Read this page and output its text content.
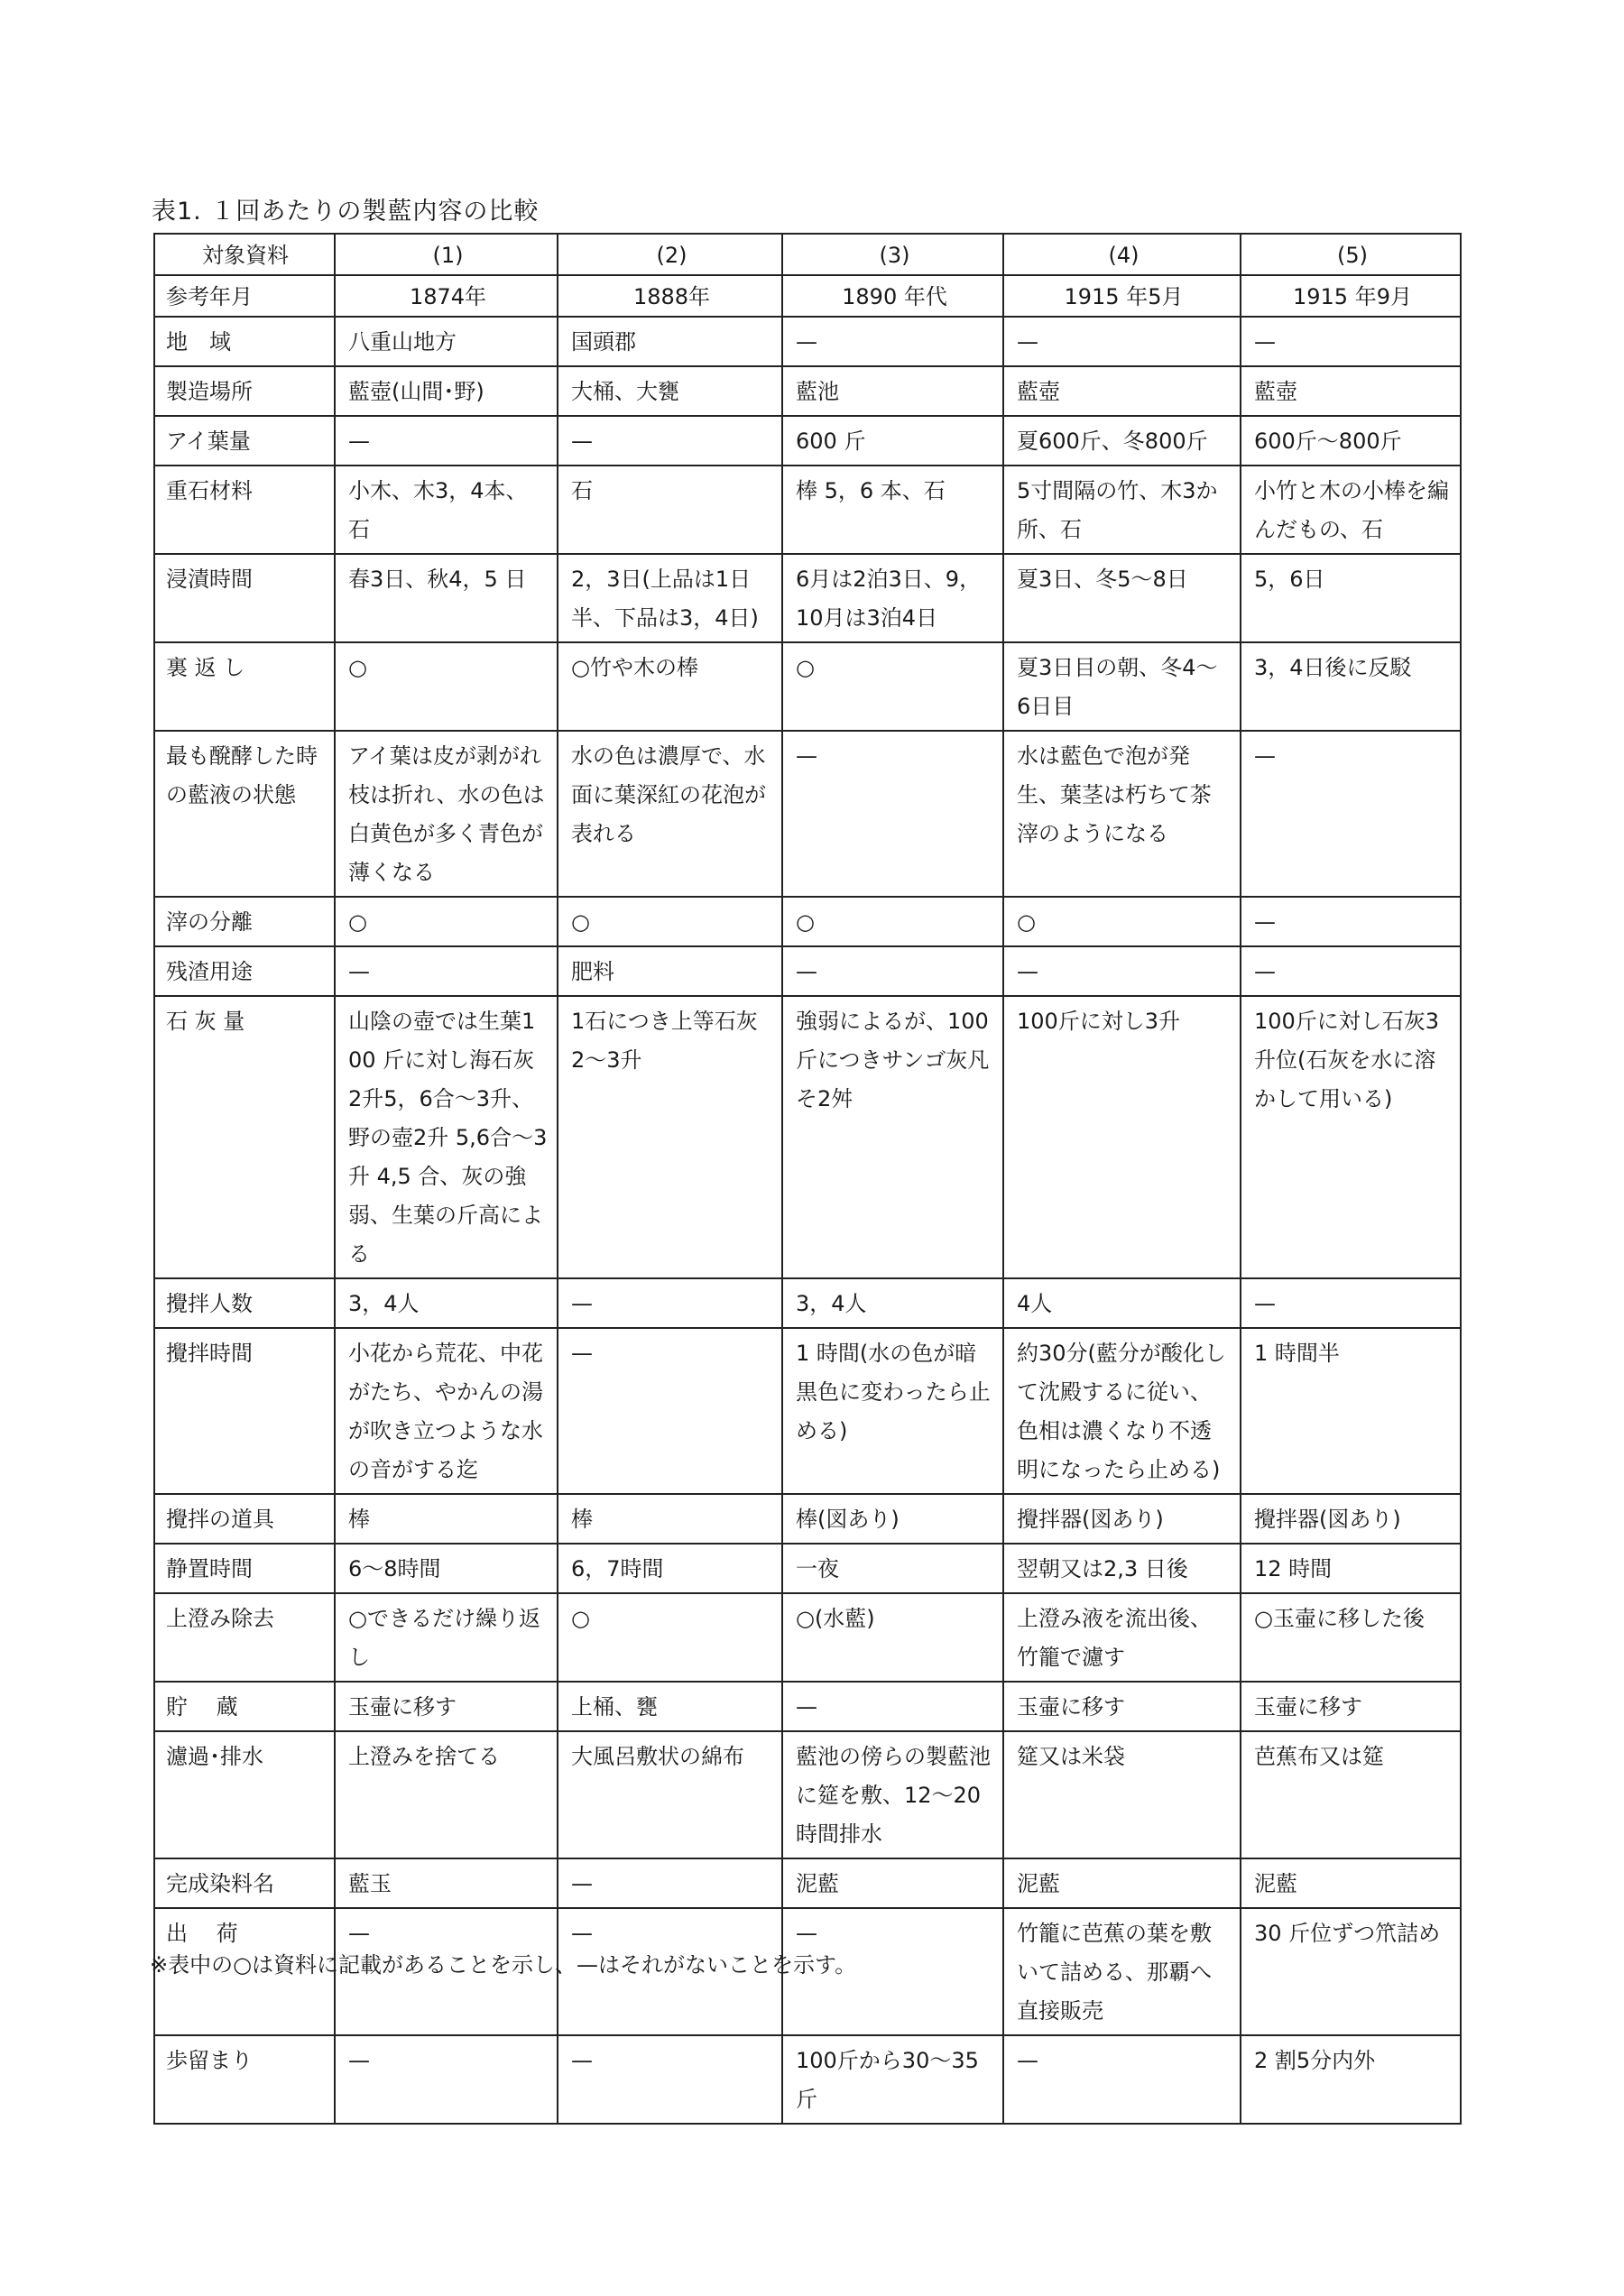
表1. １回あたりの製藍内容の比較
対象資料	(1)	(2)	(3)	(4)	(5)
参考年月	1874年	1888年	1890 年代	1915 年5月	1915 年9月
地　域	八重山地方	国頭郡	—	—	—
製造場所	藍壺(山間･野)	大桶、大甕	藍池	藍壺	藍壺
アイ葉量	—	—	600 斤	夏600斤、冬800斤	600斤〜800斤
重石材料	小木、木3，4本、石	石	棒 5，6 本、石	5寸間隔の竹、木3か所、石	小竹と木の小棒を編んだもの、石
浸漬時間	春3日、秋4，5 日	2，3日(上品は1日半、下品は3，4日)	6月は2泊3日、9，10月は3泊4日	夏3日、冬5〜8日	5，6日
裏 返 し	○	○竹や木の棒	○	夏3日目の朝、冬4〜6日目	3，4日後に反駁
最も醗酵した時の藍液の状態	アイ葉は皮が剥がれ枝は折れ、水の色は白黄色が多く青色が薄くなる	水の色は濃厚で、水面に葉深紅の花泡が表れる	—	水は藍色で泡が発生、葉茎は朽ちて茶滓のようになる	—
滓の分離	○	○	○	○	—
残渣用途	—	肥料	—	—	—
石 灰 量	山陰の壺では生葉100 斤に対し海石灰2升5，6合〜3升、野の壺2升 5,6合〜3升 4,5 合、灰の強弱、生葉の斤高による	1石につき上等石灰2〜3升	強弱によるが、100斤につきサンゴ灰凡そ2舛	100斤に対し3升	100斤に対し石灰3升位(石灰を水に溶かして用いる)
攪拌人数	3，4人	—	3，4人	4人	—
攪拌時間	小花から荒花、中花がたち、やかんの湯が吹き立つような水の音がする迄	—	1 時間(水の色が暗黒色に変わったら止める)	約30分(藍分が酸化して沈殿するに従い、色相は濃くなり不透明になったら止める)	1 時間半
攪拌の道具	棒	棒	棒(図あり)	攪拌器(図あり)	攪拌器(図あり)
静置時間	6〜8時間	6，7時間	一夜	翌朝又は2,3 日後	12 時間
上澄み除去	○できるだけ繰り返し	○	○(水藍)	上澄み液を流出後、竹籠で濾す	○玉壷に移した後
貯　 蔵	玉壷に移す	上桶、甕	—	玉壷に移す	玉壷に移す
濾過･排水	上澄みを捨てる	大風呂敷状の綿布	藍池の傍らの製藍池に筵を敷、12〜20時間排水	筵又は米袋	芭蕉布又は筵
完成染料名	藍玉	—	泥藍	泥藍	泥藍
出　 荷	—	—	—	竹籠に芭蕉の葉を敷いて詰める、那覇へ直接販売	30 斤位ずつ笊詰め
歩留まり	—	—	100斤から30〜35斤	—	2 割5分内外
※表中の○は資料に記載があることを示し、—はそれがないことを示す。
